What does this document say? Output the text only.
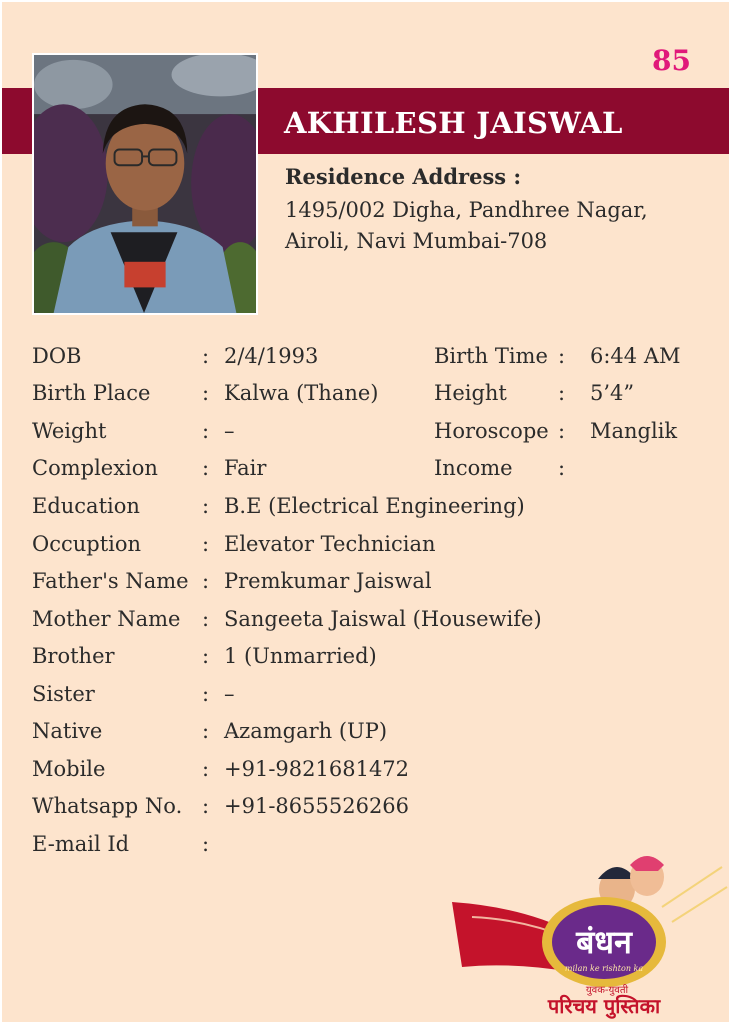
85
AKHILESH JAISWAL
Residence Address :
1495/002 Digha, Pandhree Nagar,
Airoli, Navi Mumbai-708
DOB	: 2/4/1993	Birth Time : 6:44 AM
Birth Place : Kalwa (Thane)	Height : 5’4”
Weight	: –	Horoscope : Manglik
Complexion : Fair	Income :
Education	: B.E (Electrical Engineering)
Occuption	: Elevator Technician
Father's Name : Premkumar Jaiswal
Mother Name : Sangeeta Jaiswal (Housewife)
Brother	: 1 (Unmarried)
Sister	: –
Native	: Azamgarh (UP)
Mobile	: +91-9821681472
Whatsapp No. : +91-8655526266
E-mail Id	:
बंधन
milan ke rishton ka
युवक-युवती
परिचय पुस्तिका
